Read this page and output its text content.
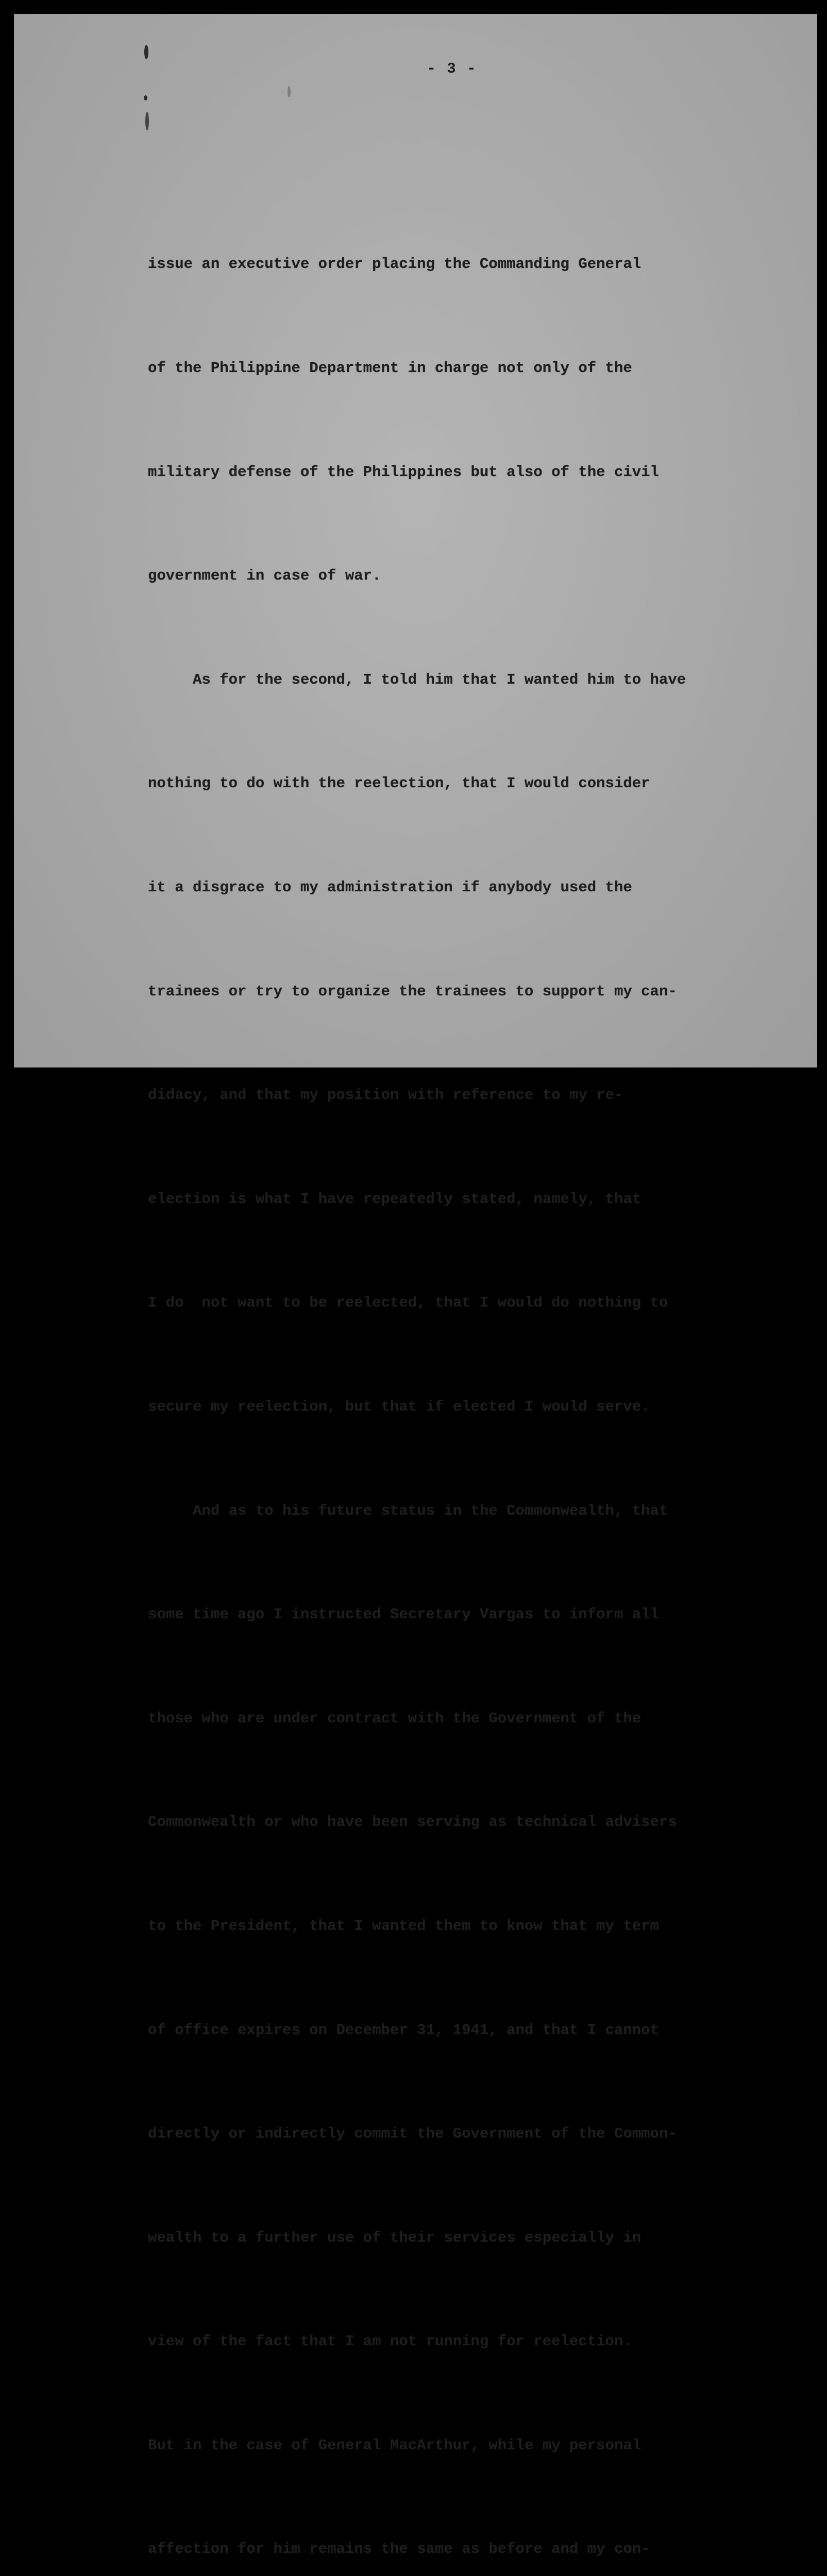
- 3 -

issue an executive order placing the Commanding General

of the Philippine Department in charge not only of the

military defense of the Philippines but also of the civil

government in case of war.

As for the second, I told him that I wanted him to have

nothing to do with the reelection, that I would consider

it a disgrace to my administration if anybody used the

trainees or try to organize the trainees to support my can-

didacy, and that my position with reference to my re-

election is what I have repeatedly stated, namely, that

I do  not want to be reelected, that I would do nothing to

secure my reelection, but that if elected I would serve.

And as to his future status in the Commonwealth, that

some time ago I instructed Secretary Vargas to inform all

those who are under contract with the Government of the

Commonwealth or who have been serving as technical advisers

to the President, that I wanted them to know that my term

of office expires on December 31, 1941, and that I cannot

directly or indirectly commit the Government of the Common-

wealth to a further use of their services especially in

view of the fact that I am not running for reelection.

But in the case of General MacArthur, while my personal

affection for him remains the same as before and my con-
